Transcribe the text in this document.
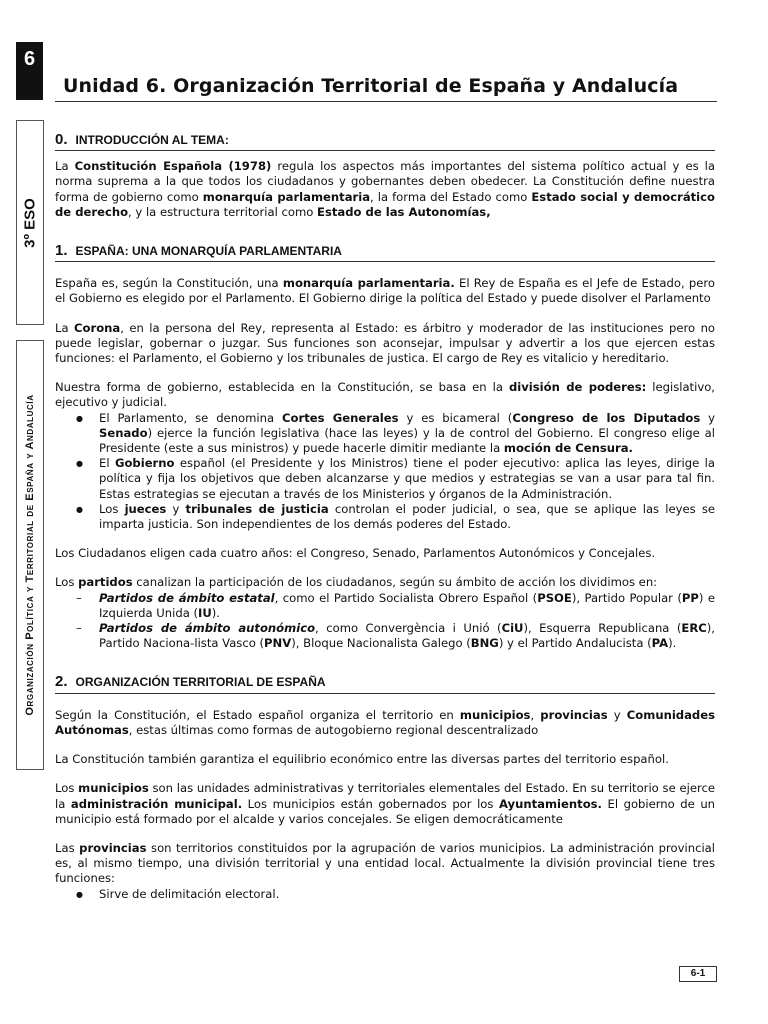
6
Unidad 6. Organización Territorial de España y Andalucía
3º ESO
Organización Política y Territorial de España y Andalucía
0. INTRODUCCIÓN AL TEMA:

La Constitución Española (1978) regula los aspectos más importantes del sistema político actual y es la norma suprema a la que todos los ciudadanos y gobernantes deben obedecer. La Constitución define nuestra forma de gobierno como monarquía parlamentaria, la forma del Estado como Estado social y democrático de derecho, y la estructura territorial como Estado de las Autonomías,

1. ESPAÑA: UNA MONARQUÍA PARLAMENTARIA

España es, según la Constitución, una monarquía parlamentaria. El Rey de España es el Jefe de Estado, pero el Gobierno es elegido por el Parlamento. El Gobierno dirige la política del Estado y puede disolver el Parlamento

La Corona, en la persona del Rey, representa al Estado: es árbitro y moderador de las instituciones pero no puede legislar, gobernar o juzgar. Sus funciones son aconsejar, impulsar y advertir a los que ejercen estas funciones: el Parlamento, el Gobierno y los tribunales de justica. El cargo de Rey es vitalicio y hereditario.

Nuestra forma de gobierno, establecida en la Constitución, se basa en la división de poderes: legislativo, ejecutivo y judicial.

● El Parlamento, se denomina Cortes Generales y es bicameral (Congreso de los Diputados y Senado) ejerce la función legislativa (hace las leyes) y la de control del Gobierno. El congreso elige al Presidente (este a sus ministros) y puede hacerle dimitir mediante la moción de Censura.
● El Gobierno español (el Presidente y los Ministros) tiene el poder ejecutivo: aplica las leyes, dirige la política y fija los objetivos que deben alcanzarse y que medios y estrategias se van a usar para tal fin. Estas estrategias se ejecutan a través de los Ministerios y órganos de la Administración.
● Los jueces y tribunales de justicia controlan el poder judicial, o sea, que se aplique las leyes se imparta justicia. Son independientes de los demás poderes del Estado.

Los Ciudadanos eligen cada cuatro años: el Congreso, Senado, Parlamentos Autonómicos y Concejales.

Los partidos canalizan la participación de los ciudadanos, según su ámbito de acción los dividimos en:

– Partidos de ámbito estatal, como el Partido Socialista Obrero Español (PSOE), Partido Popular (PP) e Izquierda Unida (IU).
– Partidos de ámbito autonómico, como Convergència i Unió (CiU), Esquerra Republicana (ERC), Partido Naciona-lista Vasco (PNV), Bloque Nacionalista Galego (BNG) y el Partido Andalucista (PA).
2. ORGANIZACIÓN TERRITORIAL DE ESPAÑA

Según la Constitución, el Estado español organiza el territorio en municipios, provincias y Comunidades Autónomas, estas últimas como formas de autogobierno regional descentralizado

La Constitución también garantiza el equilibrio económico entre las diversas partes del territorio español.

Los municipios son las unidades administrativas y territoriales elementales del Estado. En su territorio se ejerce la administración municipal. Los municipios están gobernados por los Ayuntamientos. El gobierno de un municipio está formado por el alcalde y varios concejales. Se eligen democráticamente

Las provincias son territorios constituidos por la agrupación de varios municipios. La administración provincial es, al mismo tiempo, una división territorial y una entidad local. Actualmente la división provincial tiene tres funciones:

● Sirve de delimitación electoral.
6-1
